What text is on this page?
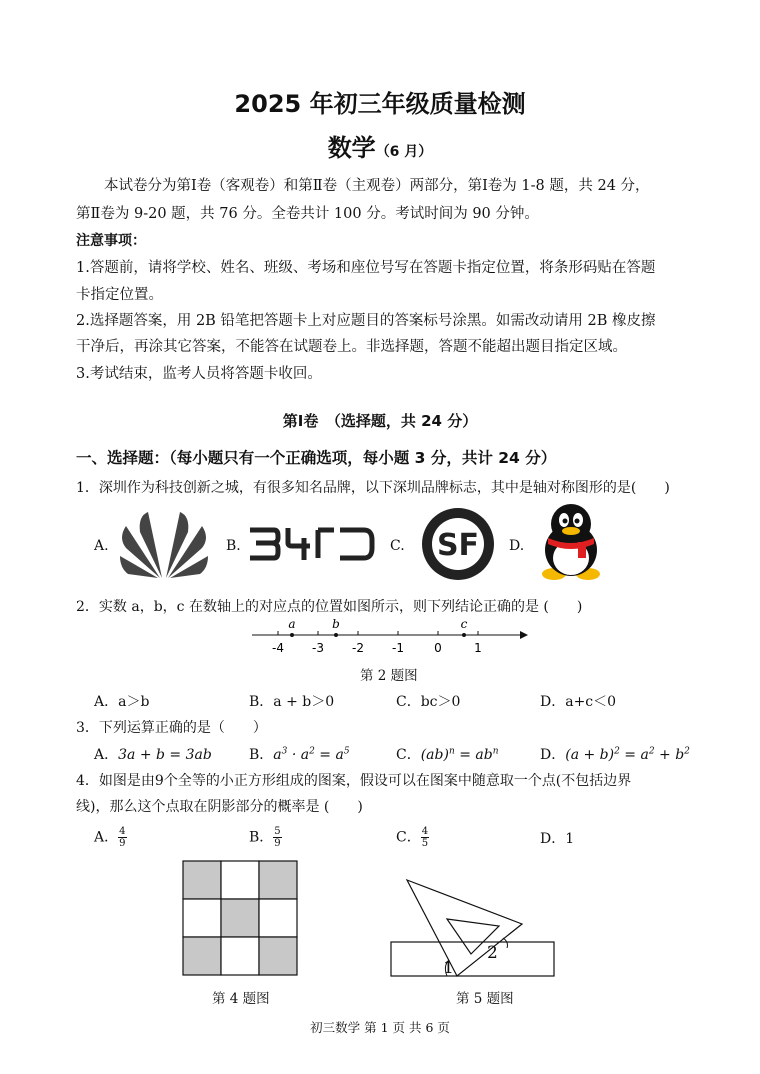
2025 年初三年级质量检测
数学（6 月）
本试卷分为第Ⅰ卷（客观卷）和第Ⅱ卷（主观卷）两部分，第Ⅰ卷为 1-8 题，共 24 分，
第Ⅱ卷为 9-20 题，共 76 分。全卷共计 100 分。考试时间为 90 分钟。
注意事项：
1.答题前，请将学校、姓名、班级、考场和座位号写在答题卡指定位置，将条形码贴在答题
卡指定位置。
2.选择题答案，用 2B 铅笔把答题卡上对应题目的答案标号涂黑。如需改动请用 2B 橡皮擦
干净后，再涂其它答案，不能答在试题卷上。非选择题，答题不能超出题目指定区域。
3.考试结束，监考人员将答题卡收回。
第Ⅰ卷　（选择题，共 24 分）
一、选择题：（每小题只有一个正确选项，每小题 3 分，共计 24 分）
1．深圳作为科技创新之城，有很多知名品牌，以下深圳品牌标志，其中是轴对称图形的是(　　)
A.	B.	C. SF D.
2．实数 a，b，c 在数轴上的对应点的位置如图所示，则下列结论正确的是 (　　)
-4 -3 -2 -1	0	1
a	b	c
第 2 题图
A．a＞b	B．a + b＞0	C．bc＞0	D．a+c＜0
3．下列运算正确的是（　　）
A．3a + b = 3ab	B．$a^3 \cdot a^2 = a^5$	C．$(ab)^n = ab^n$	D．$(a + b)^2 = a^2 + b^2$
4．如图是由9个全等的小正方形组成的图案，假设可以在图案中随意取一个点(不包括边界
线)，那么这个点取在阴影部分的概率是 (　　)
A． $\frac{4}{9}$	B． $\frac{5}{9}$	C． $\frac{4}{5}$	D．1
第 4 题图
1
2
第 5 题图
初三数学 第 1 页 共 6 页
